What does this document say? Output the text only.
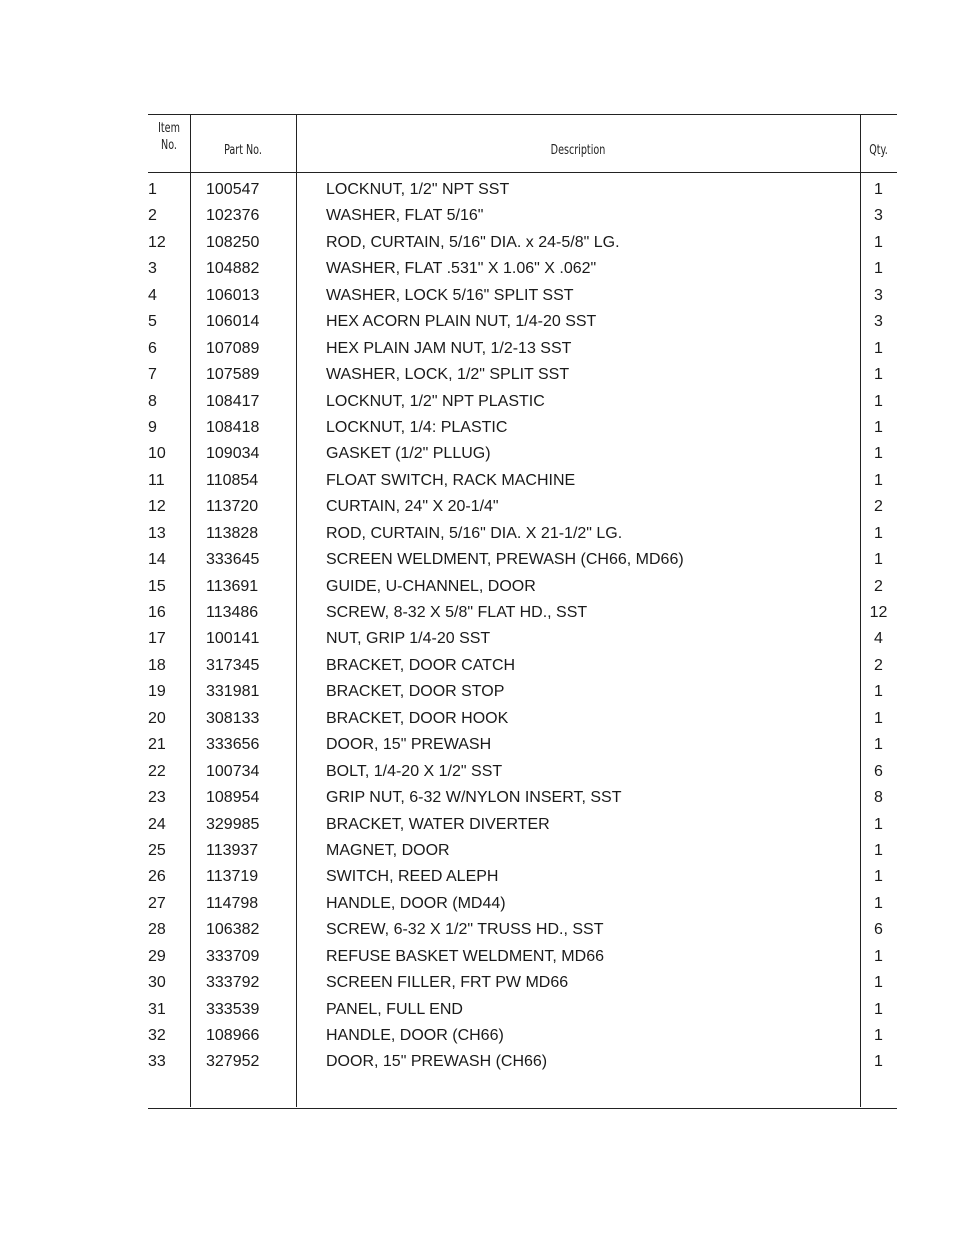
Item
No.	Part No.	Description	Qty.
1	100547	LOCKNUT, 1/2" NPT SST	1
2	102376	WASHER, FLAT 5/16"	3
12	108250	ROD, CURTAIN, 5/16" DIA. x 24-5/8" LG.	1
3	104882	WASHER, FLAT .531" X 1.06" X .062"	1
4	106013	WASHER, LOCK 5/16" SPLIT SST	3
5	106014	HEX ACORN PLAIN NUT, 1/4-20 SST	3
6	107089	HEX PLAIN JAM NUT, 1/2-13 SST	1
7	107589	WASHER, LOCK, 1/2" SPLIT SST	1
8	108417	LOCKNUT, 1/2" NPT PLASTIC	1
9	108418	LOCKNUT, 1/4: PLASTIC	1
10	109034	GASKET (1/2" PLLUG)	1
11	110854	FLOAT SWITCH, RACK MACHINE	1
12	113720	CURTAIN, 24" X 20-1/4"	2
13	113828	ROD, CURTAIN, 5/16" DIA. X 21-1/2" LG.	1
14	333645	SCREEN WELDMENT, PREWASH (CH66, MD66)	1
15	113691	GUIDE, U-CHANNEL, DOOR	2
16	113486	SCREW, 8-32 X 5/8" FLAT HD., SST	12
17	100141	NUT, GRIP 1/4-20 SST	4
18	317345	BRACKET, DOOR CATCH	2
19	331981	BRACKET, DOOR STOP	1
20	308133	BRACKET, DOOR HOOK	1
21	333656	DOOR, 15" PREWASH	1
22	100734	BOLT, 1/4-20 X 1/2" SST	6
23	108954	GRIP NUT, 6-32 W/NYLON INSERT, SST	8
24	329985	BRACKET, WATER DIVERTER	1
25	113937	MAGNET, DOOR	1
26	113719	SWITCH, REED ALEPH	1
27	114798	HANDLE, DOOR (MD44)	1
28	106382	SCREW, 6-32 X 1/2" TRUSS HD., SST	6
29	333709	REFUSE BASKET WELDMENT, MD66	1
30	333792	SCREEN FILLER, FRT PW MD66	1
31	333539	PANEL, FULL END	1
32	108966	HANDLE, DOOR (CH66)	1
33	327952	DOOR, 15" PREWASH (CH66)	1
